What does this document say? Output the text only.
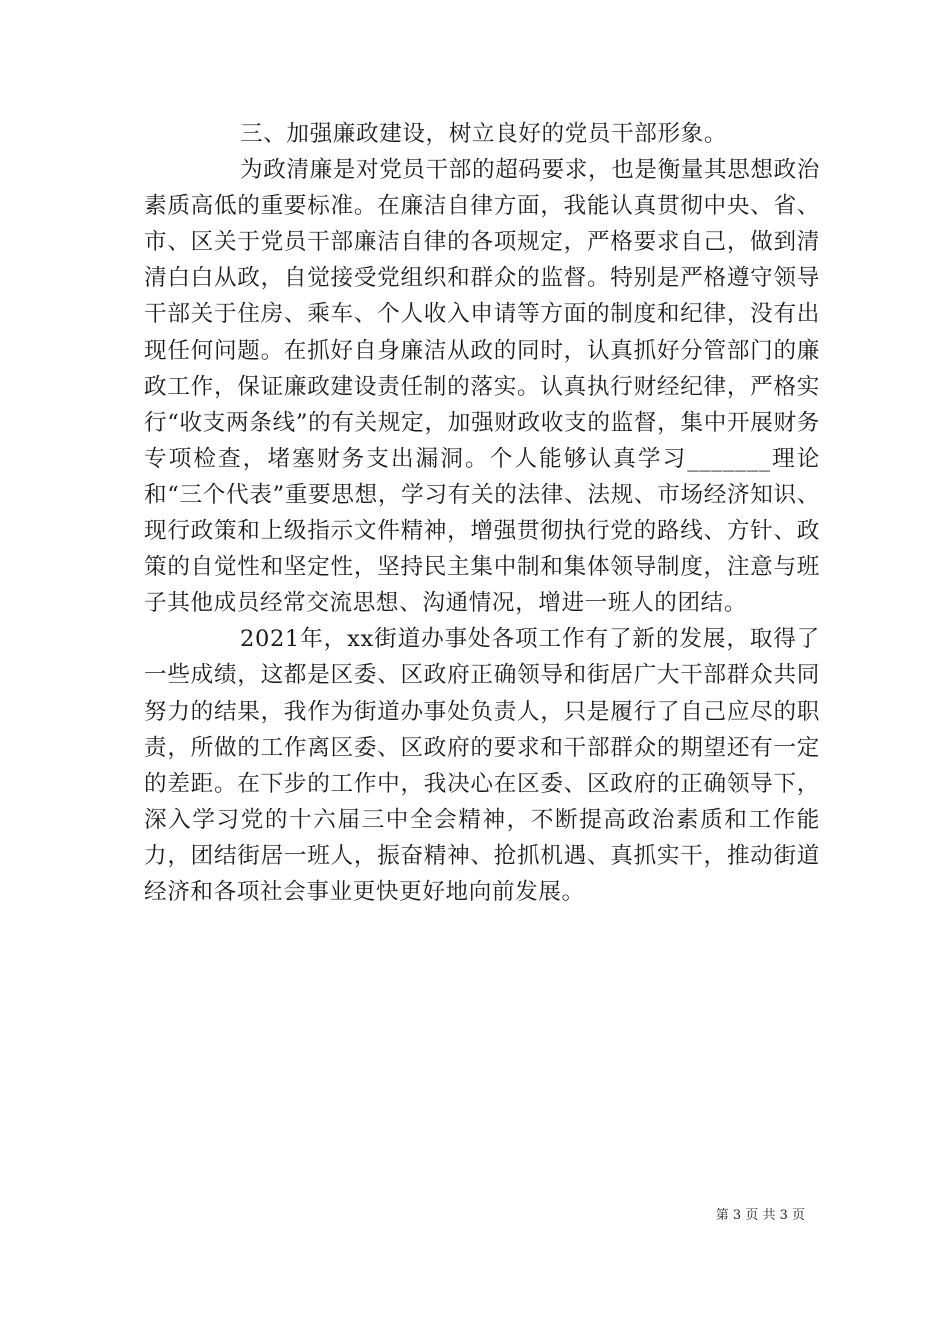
三、加强廉政建设，树立良好的党员干部形象。

为政清廉是对党员干部的超码要求，也是衡量其思想政治素质高低的重要标准。在廉洁自律方面，我能认真贯彻中央、省、市、区关于党员干部廉洁自律的各项规定，严格要求自己，做到清清白白从政，自觉接受党组织和群众的监督。特别是严格遵守领导干部关于住房、乘车、个人收入申请等方面的制度和纪律，没有出现任何问题。在抓好自身廉洁从政的同时，认真抓好分管部门的廉政工作，保证廉政建设责任制的落实。认真执行财经纪律，严格实行“收支两条线”的有关规定，加强财政收支的监督，集中开展财务专项检查，堵塞财务支出漏洞。个人能够认真学习_______理论和“三个代表”重要思想，学习有关的法律、法规、市场经济知识、现行政策和上级指示文件精神，增强贯彻执行党的路线、方针、政策的自觉性和坚定性，坚持民主集中制和集体领导制度，注意与班子其他成员经常交流思想、沟通情况，增进一班人的团结。

2021年，xx街道办事处各项工作有了新的发展，取得了一些成绩，这都是区委、区政府正确领导和街居广大干部群众共同努力的结果，我作为街道办事处负责人，只是履行了自己应尽的职责，所做的工作离区委、区政府的要求和干部群众的期望还有一定的差距。在下步的工作中，我决心在区委、区政府的正确领导下，深入学习党的十六届三中全会精神，不断提高政治素质和工作能力，团结街居一班人，振奋精神、抢抓机遇、真抓实干，推动街道经济和各项社会事业更快更好地向前发展。

第 3 页 共 3 页
